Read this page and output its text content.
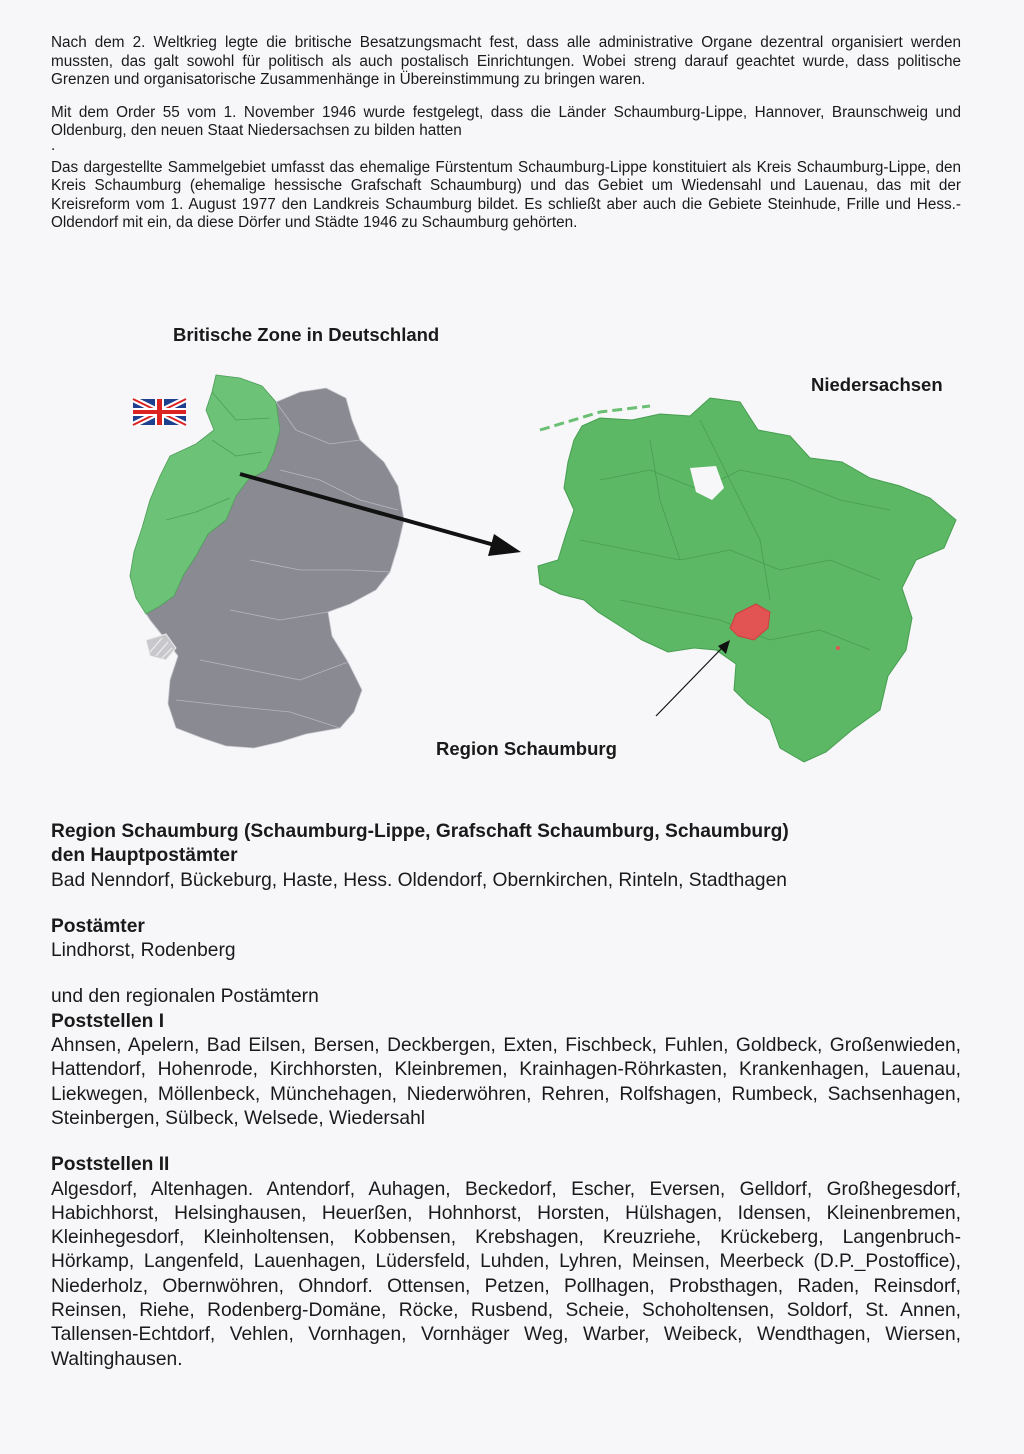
Nach dem 2. Weltkrieg legte die britische Besatzungsmacht fest, dass alle administrative Organe dezentral organisiert werden mussten, das galt sowohl für politisch als auch postalisch Einrichtungen. Wobei streng darauf geachtet wurde, dass politische Grenzen und organisatorische Zusammenhänge in Übereinstimmung zu bringen waren.

Mit dem Order 55 vom 1. November 1946 wurde festgelegt, dass die Länder Schaumburg-Lippe, Hannover, Braunschweig und Oldenburg, den neuen Staat Niedersachsen zu bilden hatten

.

Das dargestellte Sammelgebiet umfasst das ehemalige Fürstentum Schaumburg-Lippe konstituiert als Kreis Schaumburg-Lippe, den Kreis Schaumburg (ehemalige hessische Grafschaft Schaumburg) und das Gebiet um Wiedensahl und Lauenau, das mit der Kreisreform vom 1. August 1977 den Landkreis Schaumburg bildet. Es schließt aber auch die Gebiete Steinhude, Frille und Hess.-Oldendorf mit ein, da diese Dörfer und Städte 1946 zu Schaumburg gehörten.

Britische Zone in Deutschland
Niedersachsen
Region Schaumburg

Region Schaumburg (Schaumburg-Lippe, Grafschaft Schaumburg, Schaumburg)

den Hauptpostämter

Bad Nenndorf, Bückeburg, Haste, Hess. Oldendorf, Obernkirchen, Rinteln, Stadthagen

Postämter

Lindhorst, Rodenberg

und den regionalen Postämtern

Poststellen I

Ahnsen, Apelern, Bad Eilsen, Bersen, Deckbergen, Exten, Fischbeck, Fuhlen, Goldbeck, Großenwieden, Hattendorf, Hohenrode, Kirchhorsten, Kleinbremen, Krainhagen-Röhrkasten, Krankenhagen, Lauenau, Liekwegen, Möllenbeck, Münchehagen, Niederwöhren, Rehren, Rolfshagen, Rumbeck, Sachsenhagen, Steinbergen, Sülbeck, Welsede, Wiedersahl

Poststellen II

Algesdorf, Altenhagen. Antendorf, Auhagen, Beckedorf, Escher, Eversen, Gelldorf, Großhegesdorf, Habichhorst, Helsinghausen, Heuerßen, Hohnhorst, Horsten, Hülshagen, Idensen, Kleinenbremen, Kleinhegesdorf, Kleinholtensen, Kobbensen, Krebshagen, Kreuzriehe, Krückeberg, Langenbruch-Hörkamp, Langenfeld, Lauenhagen, Lüdersfeld, Luhden, Lyhren, Meinsen, Meerbeck (D.P._Postoffice), Niederholz, Obernwöhren, Ohndorf. Ottensen, Petzen, Pollhagen, Probsthagen, Raden, Reinsdorf, Reinsen, Riehe, Rodenberg-Domäne, Röcke, Rusbend, Scheie, Schoholtensen, Soldorf, St. Annen, Tallensen-Echtdorf, Vehlen, Vornhagen, Vornhäger Weg, Warber, Weibeck, Wendthagen, Wiersen, Waltinghausen.
